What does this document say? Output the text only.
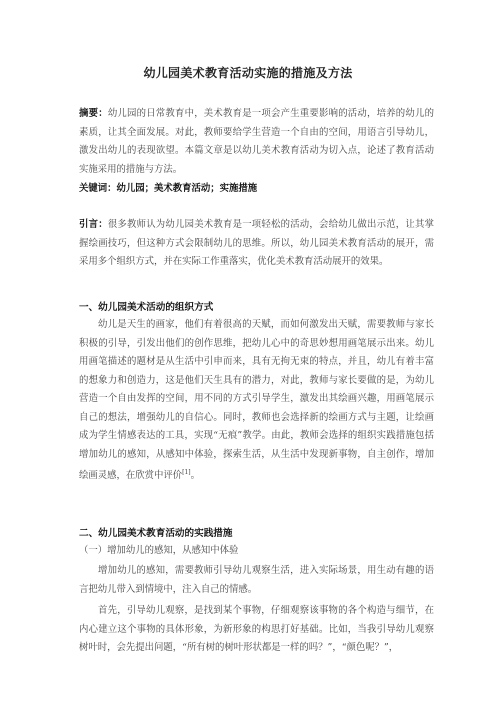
幼儿园美术教育活动实施的措施及方法

摘要：幼儿园的日常教育中，美术教育是一项会产生重要影响的活动，培养的幼儿的素质，让其全面发展。对此，教师要给学生营造一个自由的空间，用语言引导幼儿，激发出幼儿的表现欲望。本篇文章是以幼儿美术教育活动为切入点，论述了教育活动实施采用的措施与方法。

关键词：幼儿园；美术教育活动；实施措施

引言：很多教师认为幼儿园美术教育是一项轻松的活动，会给幼儿做出示范，让其掌握绘画技巧，但这种方式会限制幼儿的思维。所以，幼儿园美术教育活动的展开，需采用多个组织方式，并在实际工作重落实，优化美术教育活动展开的效果。

一、幼儿园美术活动的组织方式

幼儿是天生的画家，他们有着很高的天赋，而如何激发出天赋，需要教师与家长积极的引导，引发出他们的创作思维，把幼儿心中的奇思妙想用画笔展示出来。幼儿用画笔描述的题材是从生活中引申而来，具有无拘无束的特点，并且，幼儿有着丰富的想象力和创造力，这是他们天生具有的潜力，对此，教师与家长要做的是，为幼儿营造一个自由发挥的空间，用不同的方式引导学生，激发出其绘画兴趣，用画笔展示自己的想法，增强幼儿的自信心。同时，教师也会选择新的绘画方式与主题，让绘画成为学生情感表达的工具，实现“无痕”教学。由此，教师会选择的组织实践措施包括增加幼儿的感知，从感知中体验，探索生活，从生活中发现新事物，自主创作，增加绘画灵感，在欣赏中评价[1]。

二、幼儿园美术教育活动的实践措施

（一）增加幼儿的感知，从感知中体验

增加幼儿的感知，需要教师引导幼儿观察生活，进入实际场景，用生动有趣的语言把幼儿带入到情境中，注入自己的情感。

首先，引导幼儿观察，是找到某个事物，仔细观察该事物的各个构造与细节，在内心建立这个事物的具体形象，为新形象的构思打好基础。比如，当我引导幼儿观察树叶时，会先提出问题，“所有树的树叶形状都是一样的吗？”，“颜色呢？”，
